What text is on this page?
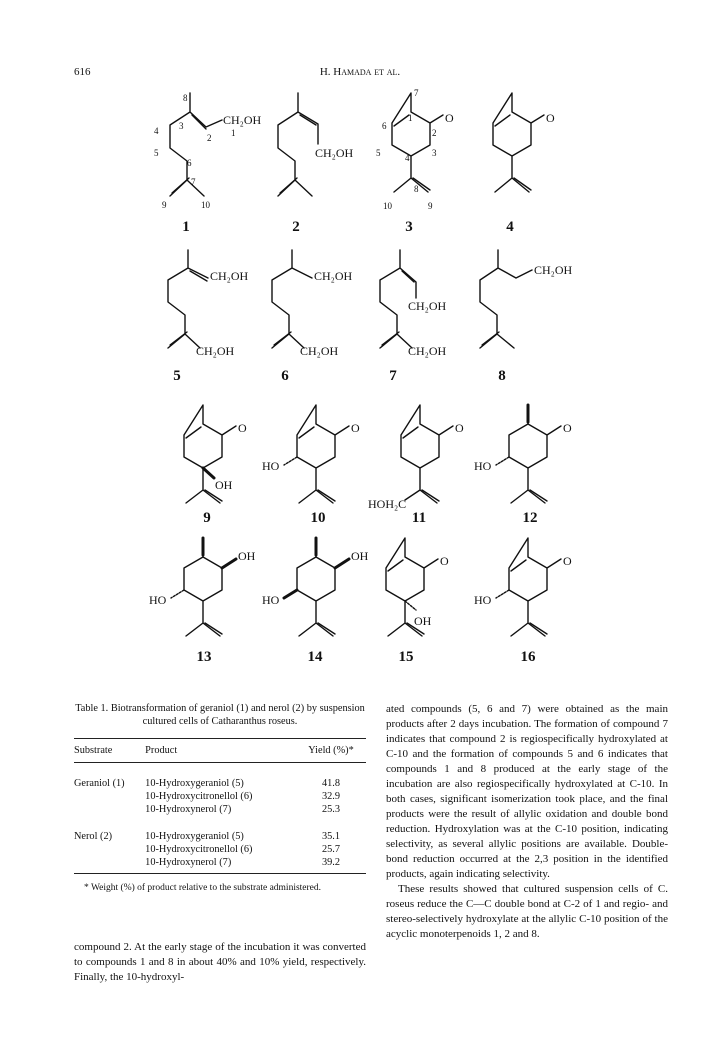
616	H. Hamada et al.
CH₂OH
8
4 3
2 1
5
6
7
9	10
CH₂OH
O
7
1
6
2
3
5	4
8
10	9
O
CH₂OH
CH₂OH
CH₂OH
CH₂OH
CH₂OH
CH₂OH
CH₂OH
O
OH
O
HO
O
HOH₂C
O
HO
OH
HO
OH
HO
O
OH
O
HO
1	2	3	4
5	6	7	8
9	10	11	12
13	14	15	16

Table 1. Biotransformation of geraniol (1) and nerol (2) by suspension cultured cells of Catharanthus roseus.

Substrate	Product	Yield (%)*

Geraniol (1)	10-Hydroxygeraniol (5)	41.8
	10-Hydroxycitronellol (6)	32.9
	10-Hydroxynerol (7)	25.3

Nerol (2)	10-Hydroxygeraniol (5)	35.1
	10-Hydroxycitronellol (6)	25.7
	10-Hydroxynerol (7)	39.2

* Weight (%) of product relative to the substrate administered.

compound 2. At the early stage of the incubation it was converted to compounds 1 and 8 in about 40% and 10% yield, respectively. Finally, the 10-hydroxyl-

ated compounds (5, 6 and 7) were obtained as the main products after 2 days incubation. The formation of compound 7 indicates that compound 2 is regiospecifically hydroxylated at C-10 and the formation of compounds 5 and 6 indicates that compounds 1 and 8 produced at the early stage of the incubation are also regiospecifically hydroxylated at C-10. In both cases, significant isomerization took place, and the final products were the result of allylic oxidation and double bond reduction. Hydroxylation was at the C-10 position, indicating selectivity, as several allylic positions are available. Double-bond reduction occurred at the 2,3 position in the identified products, again indicating selectivity.

These results showed that cultured suspension cells of C. roseus reduce the C—C double bond at C-2 of 1 and regio- and stereo-selectively hydroxylate at the allylic C-10 position of the acyclic monoterpenoids 1, 2 and 8.
